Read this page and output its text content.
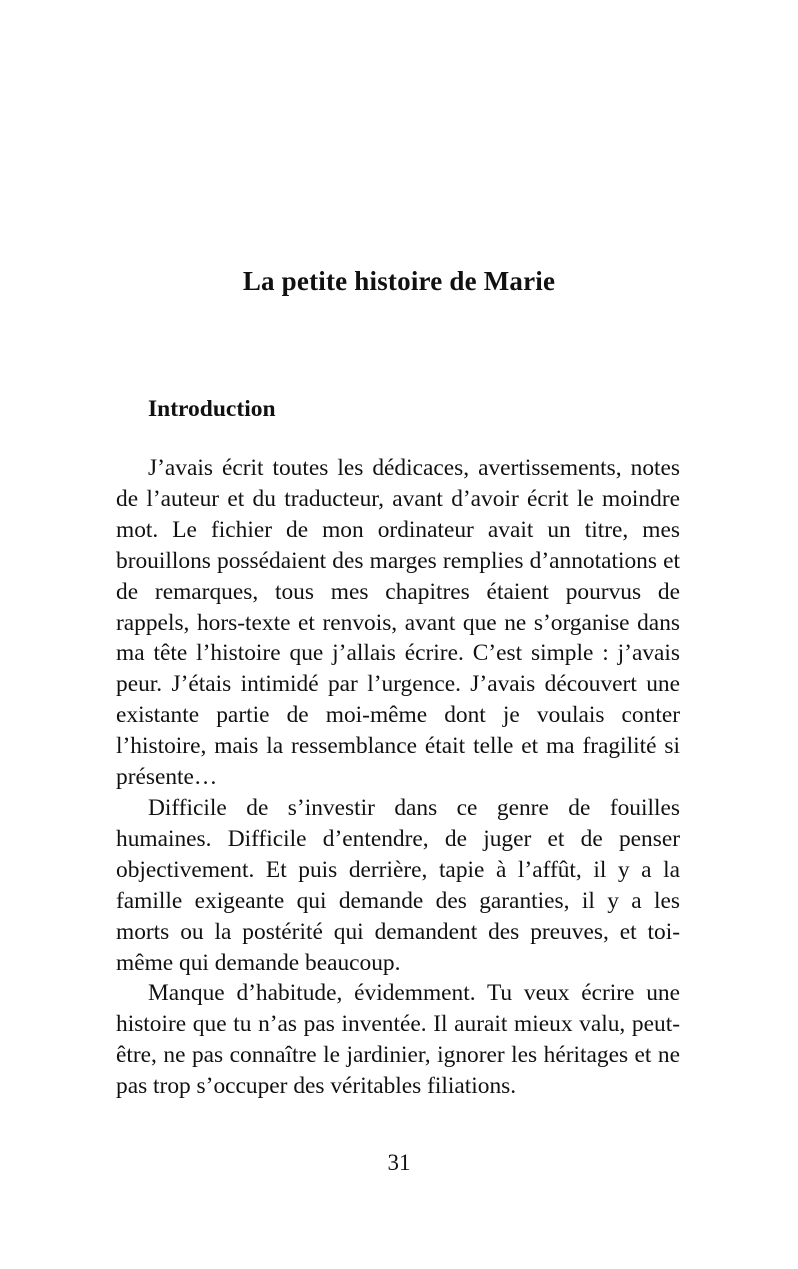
La petite histoire de Marie
Introduction

J’avais écrit toutes les dédicaces, avertissements, notes de l’auteur et du traducteur, avant d’avoir écrit le moindre mot. Le fichier de mon ordinateur avait un titre, mes brouillons possédaient des marges remplies d’annotations et de remarques, tous mes chapitres étaient pourvus de rappels, hors-texte et renvois, avant que ne s’organise dans ma tête l’histoire que j’allais écrire. C’est simple : j’avais peur. J’étais intimidé par l’urgence. J’avais découvert une existante partie de moi-même dont je voulais conter l’histoire, mais la ressemblance était telle et ma fragilité si présente…

Difficile de s’investir dans ce genre de fouilles humaines. Difficile d’entendre, de juger et de penser objectivement. Et puis derrière, tapie à l’affût, il y a la famille exigeante qui demande des garanties, il y a les morts ou la postérité qui demandent des preuves, et toi-même qui demande beaucoup.

Manque d’habitude, évidemment. Tu veux écrire une histoire que tu n’as pas inventée. Il aurait mieux valu, peut-être, ne pas connaître le jardinier, ignorer les héritages et ne pas trop s’occuper des véritables filiations.

31
